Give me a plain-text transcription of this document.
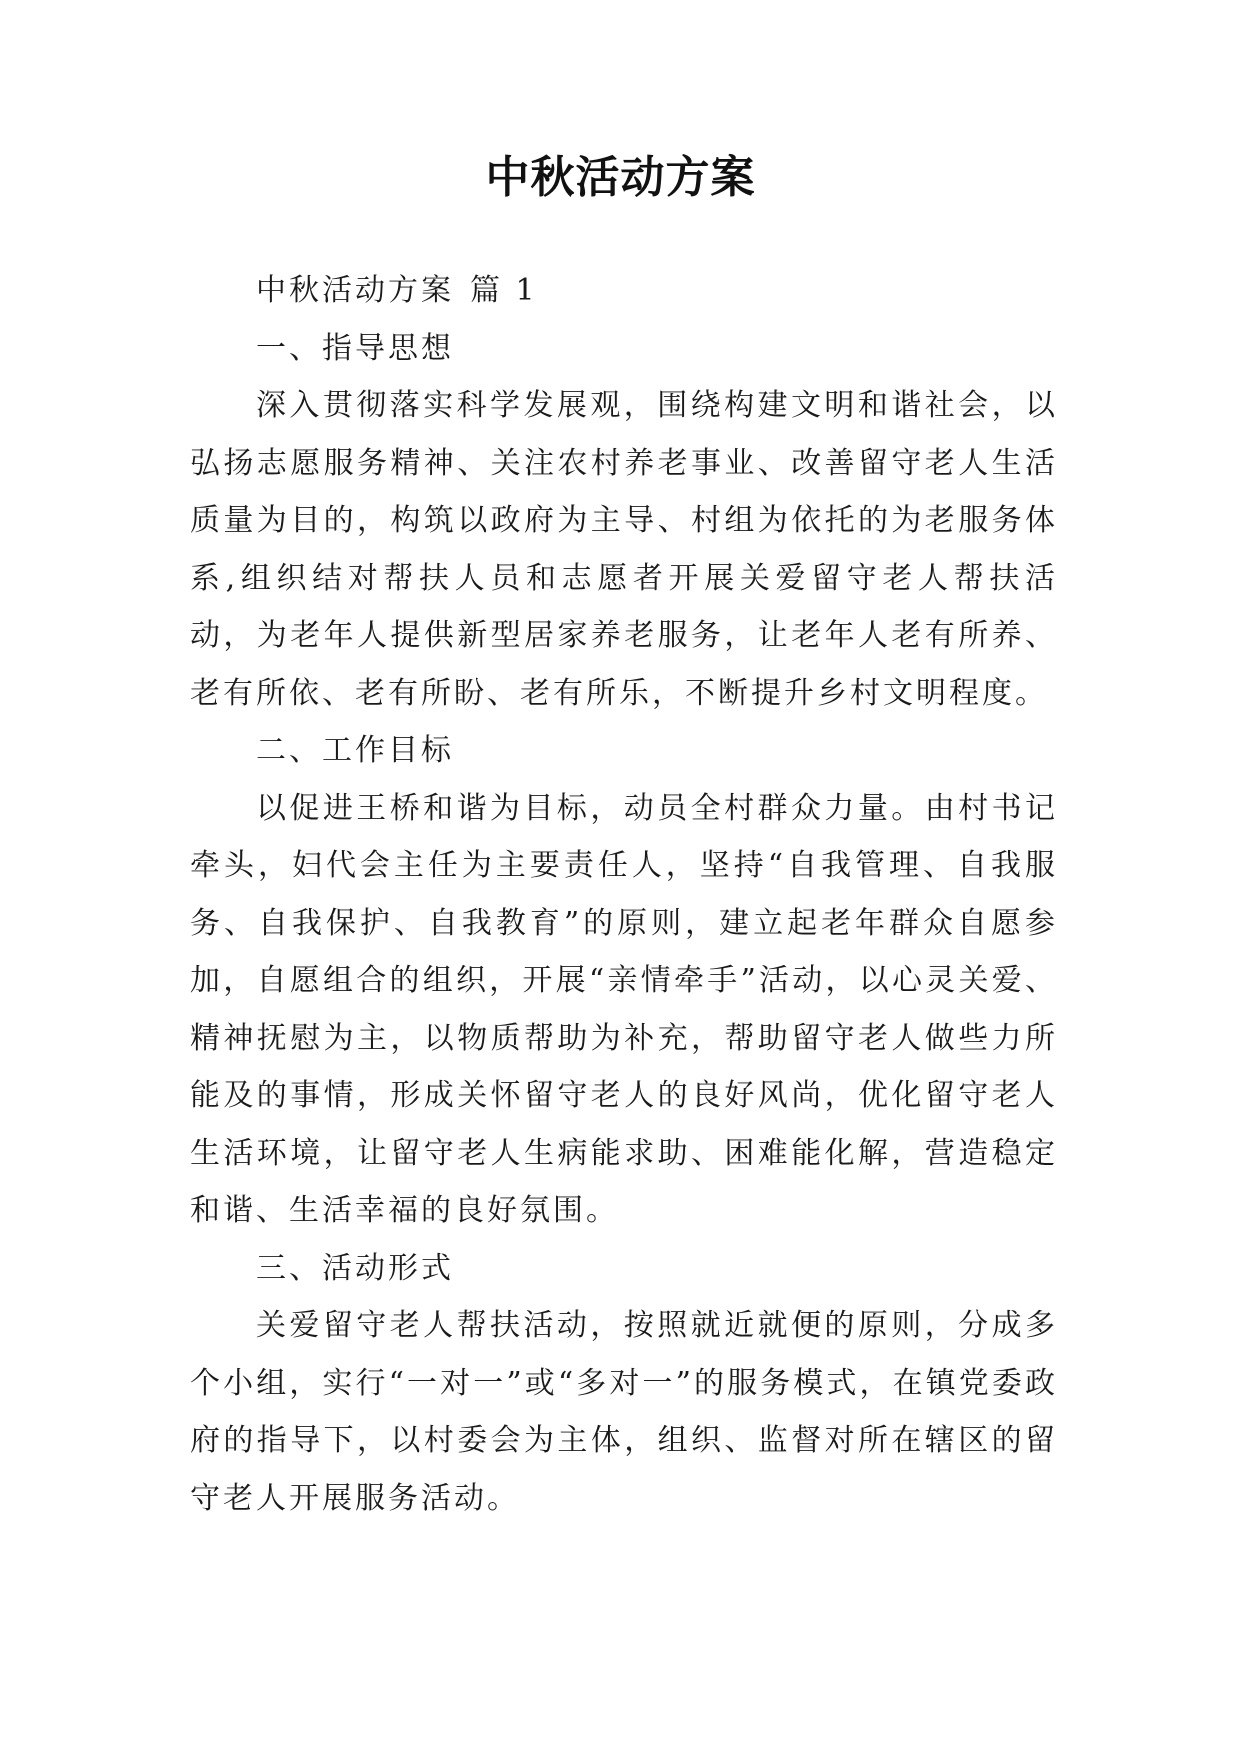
中秋活动方案

中秋活动方案 篇 1

一、指导思想

深入贯彻落实科学发展观，围绕构建文明和谐社会，以弘扬志愿服务精神、关注农村养老事业、改善留守老人生活质量为目的，构筑以政府为主导、村组为依托的为老服务体系,组织结对帮扶人员和志愿者开展关爱留守老人帮扶活动，为老年人提供新型居家养老服务，让老年人老有所养、老有所依、老有所盼、老有所乐，不断提升乡村文明程度。

二、工作目标

以促进王桥和谐为目标，动员全村群众力量。由村书记牵头，妇代会主任为主要责任人，坚持“自我管理、自我服务、自我保护、自我教育”的原则，建立起老年群众自愿参加，自愿组合的组织，开展“亲情牵手”活动，以心灵关爱、精神抚慰为主，以物质帮助为补充，帮助留守老人做些力所能及的事情，形成关怀留守老人的良好风尚，优化留守老人生活环境，让留守老人生病能求助、困难能化解，营造稳定和谐、生活幸福的良好氛围。

三、活动形式

关爱留守老人帮扶活动，按照就近就便的原则，分成多个小组，实行“一对一”或“多对一”的服务模式，在镇党委政府的指导下，以村委会为主体，组织、监督对所在辖区的留守老人开展服务活动。
